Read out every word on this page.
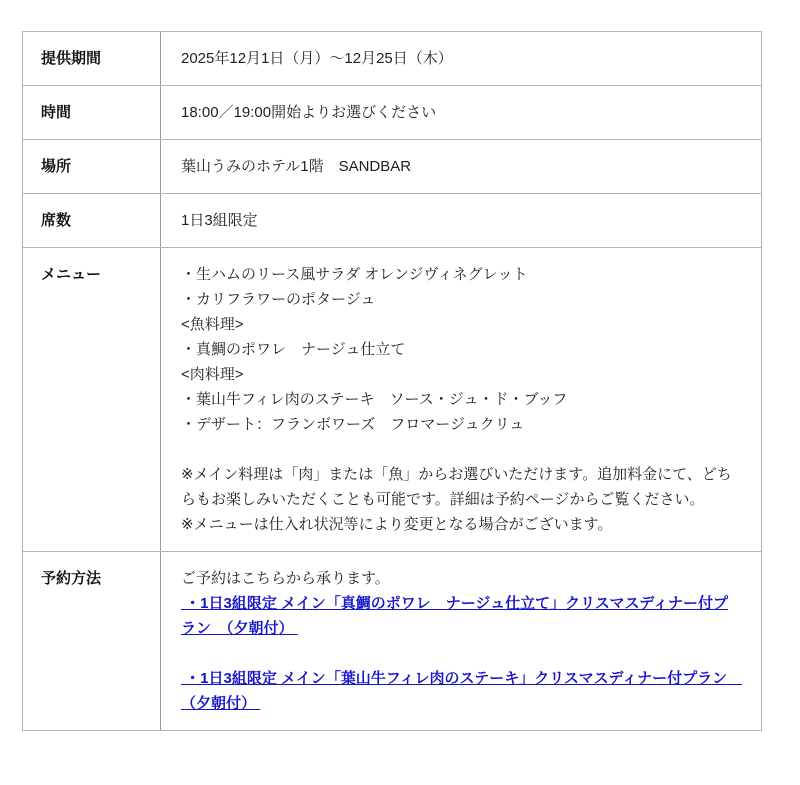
提供期間	2025年12月1日（月）～12月25日（木）
時間	18:00／19:00開始よりお選びください
場所	葉山うみのホテル1階　SANDBAR
席数	1日3組限定
メニュー	・生ハムのリース風サラダ オレンジヴィネグレット
・カリフラワーのポタージュ
<魚料理>
・真鯛のポワレ　ナージュ仕立て
<肉料理>
・葉山牛フィレ肉のステーキ　ソース・ジュ・ド・ブッフ
・デザート：フランボワーズ　フロマージュクリュ

※メイン料理は「肉」または「魚」からお選びいただけます。追加料金にて、どちらもお楽しみいただくことも可能です。詳細は予約ページからご覧ください。

※メニューは仕入れ状況等により変更となる場合がございます。

予約方法	ご予約はこちらから承ります。
・1日3組限定 メイン「真鯛のポワレ　ナージュ仕立て」クリスマスディナー付プラン　（夕朝付）
・1日3組限定 メイン「葉山牛フィレ肉のステーキ」クリスマスディナー付プラン　（夕朝付）
